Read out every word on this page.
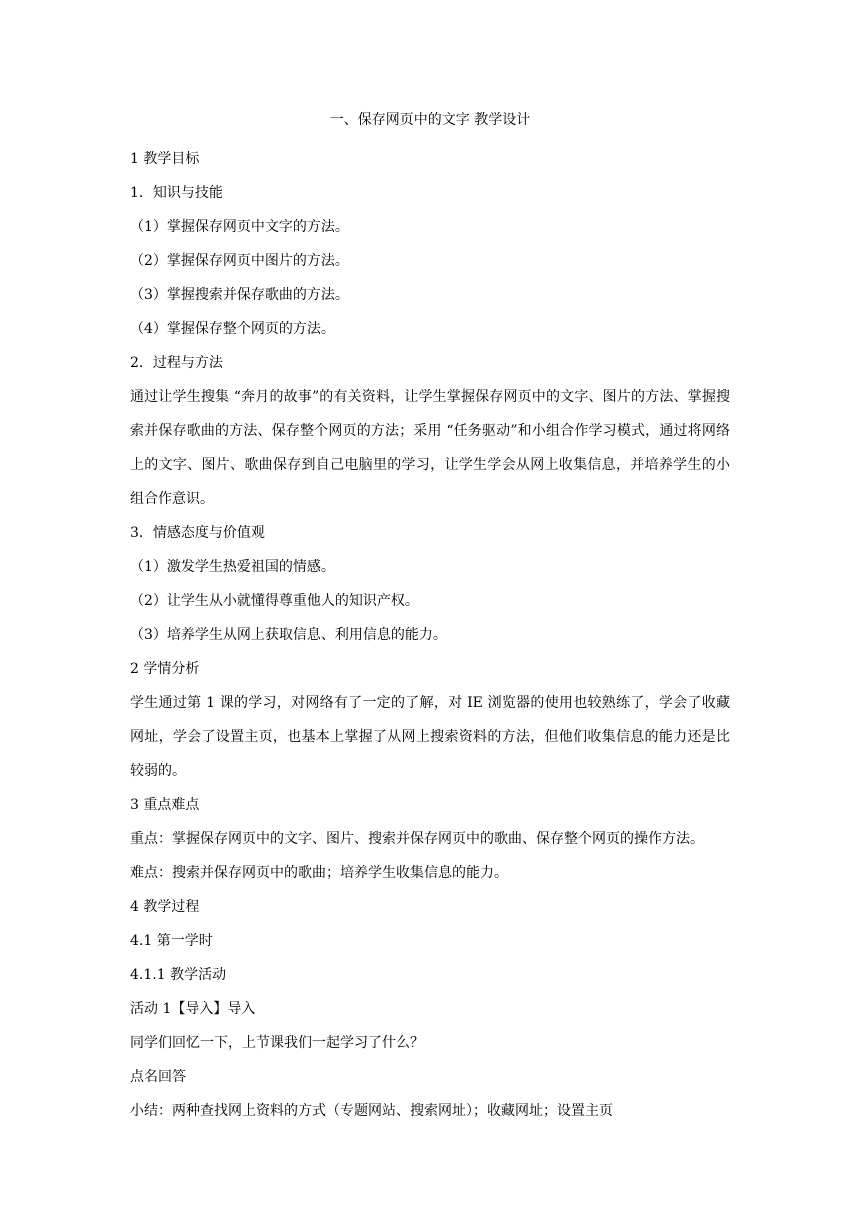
一、保存网页中的文字 教学设计
1 教学目标
1．知识与技能
（1）掌握保存网页中文字的方法。
（2）掌握保存网页中图片的方法。
（3）掌握搜索并保存歌曲的方法。
（4）掌握保存整个网页的方法。
2．过程与方法
通过让学生搜集 “奔月的故事”的有关资料，让学生掌握保存网页中的文字、图片的方法、掌握搜索并保存歌曲的方法、保存整个网页的方法；采用 “任务驱动”和小组合作学习模式，通过将网络上的文字、图片、歌曲保存到自己电脑里的学习，让学生学会从网上收集信息，并培养学生的小组合作意识。
3．情感态度与价值观
（1）激发学生热爱祖国的情感。
（2）让学生从小就懂得尊重他人的知识产权。
（3）培养学生从网上获取信息、利用信息的能力。
2 学情分析
学生通过第 1 课的学习，对网络有了一定的了解，对 IE 浏览器的使用也较熟练了，学会了收藏网址，学会了设置主页，也基本上掌握了从网上搜索资料的方法，但他们收集信息的能力还是比较弱的。
3 重点难点
重点：掌握保存网页中的文字、图片、搜索并保存网页中的歌曲、保存整个网页的操作方法。
难点：搜索并保存网页中的歌曲；培养学生收集信息的能力。
4 教学过程
4.1 第一学时
4.1.1 教学活动
活动 1【导入】导入
同学们回忆一下，上节课我们一起学习了什么？
点名回答
小结：两种查找网上资料的方式（专题网站、搜索网址）；收藏网址；设置主页
